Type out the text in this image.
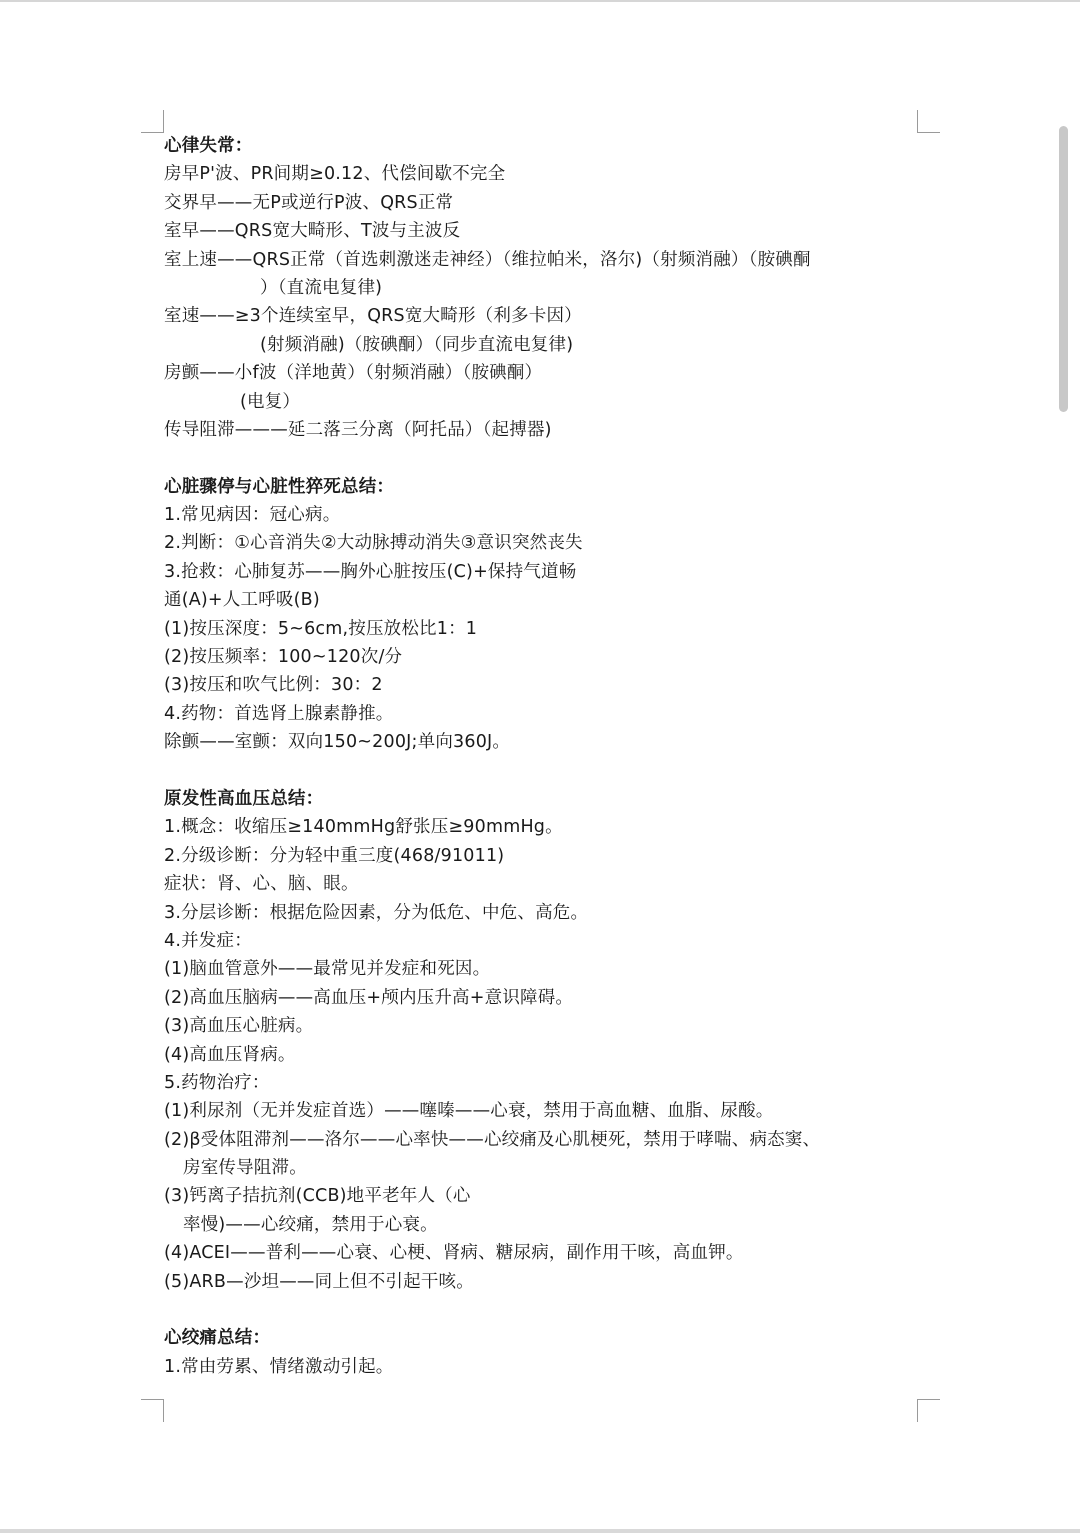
心律失常：
房早P'波、PR间期≥0.12、代偿间歇不完全
交界早——无P或逆行P波、QRS正常
室早——QRS宽大畸形、T波与主波反
室上速——QRS正常（首选刺激迷走神经）（维拉帕米，洛尔)（射频消融）（胺碘酮
）（直流电复律)
室速——≥3个连续室早，QRS宽大畸形（利多卡因）
(射频消融)（胺碘酮）（同步直流电复律)
房颤——小f波（洋地黄）（射频消融）（胺碘酮）
(电复）
传导阻滞———延二落三分离（阿托品）（起搏器)
心脏骤停与心脏性猝死总结：
1.常见病因：冠心病。
2.判断：①心音消失②大动脉搏动消失③意识突然丧失
3.抢救：心肺复苏——胸外心脏按压(C)+保持气道畅
通(A)+人工呼吸(B)
(1)按压深度：5~6cm,按压放松比1：1
(2)按压频率：100~120次/分
(3)按压和吹气比例：30：2
4.药物：首选肾上腺素静推。
除颤——室颤：双向150~200J;单向360J。
原发性高血压总结：
1.概念：收缩压≥140mmHg舒张压≥90mmHg。
2.分级诊断：分为轻中重三度(468/91011)
症状：肾、心、脑、眼。
3.分层诊断：根据危险因素，分为低危、中危、高危。
4.并发症：
(1)脑血管意外——最常见并发症和死因。
(2)高血压脑病——高血压+颅内压升高+意识障碍。
(3)高血压心脏病。
(4)高血压肾病。
5.药物治疗：
(1)利尿剂（无并发症首选）——噻嗪——心衰，禁用于高血糖、血脂、尿酸。
(2)β受体阻滞剂——洛尔——心率快——心绞痛及心肌梗死，禁用于哮喘、病态窦、
房室传导阻滞。
(3)钙离子拮抗剂(CCB)地平老年人（心
率慢)——心绞痛，禁用于心衰。
(4)ACEI——普利——心衰、心梗、肾病、糖尿病，副作用干咳，高血钾。
(5)ARB—沙坦——同上但不引起干咳。
心绞痛总结：
1.常由劳累、情绪激动引起。
